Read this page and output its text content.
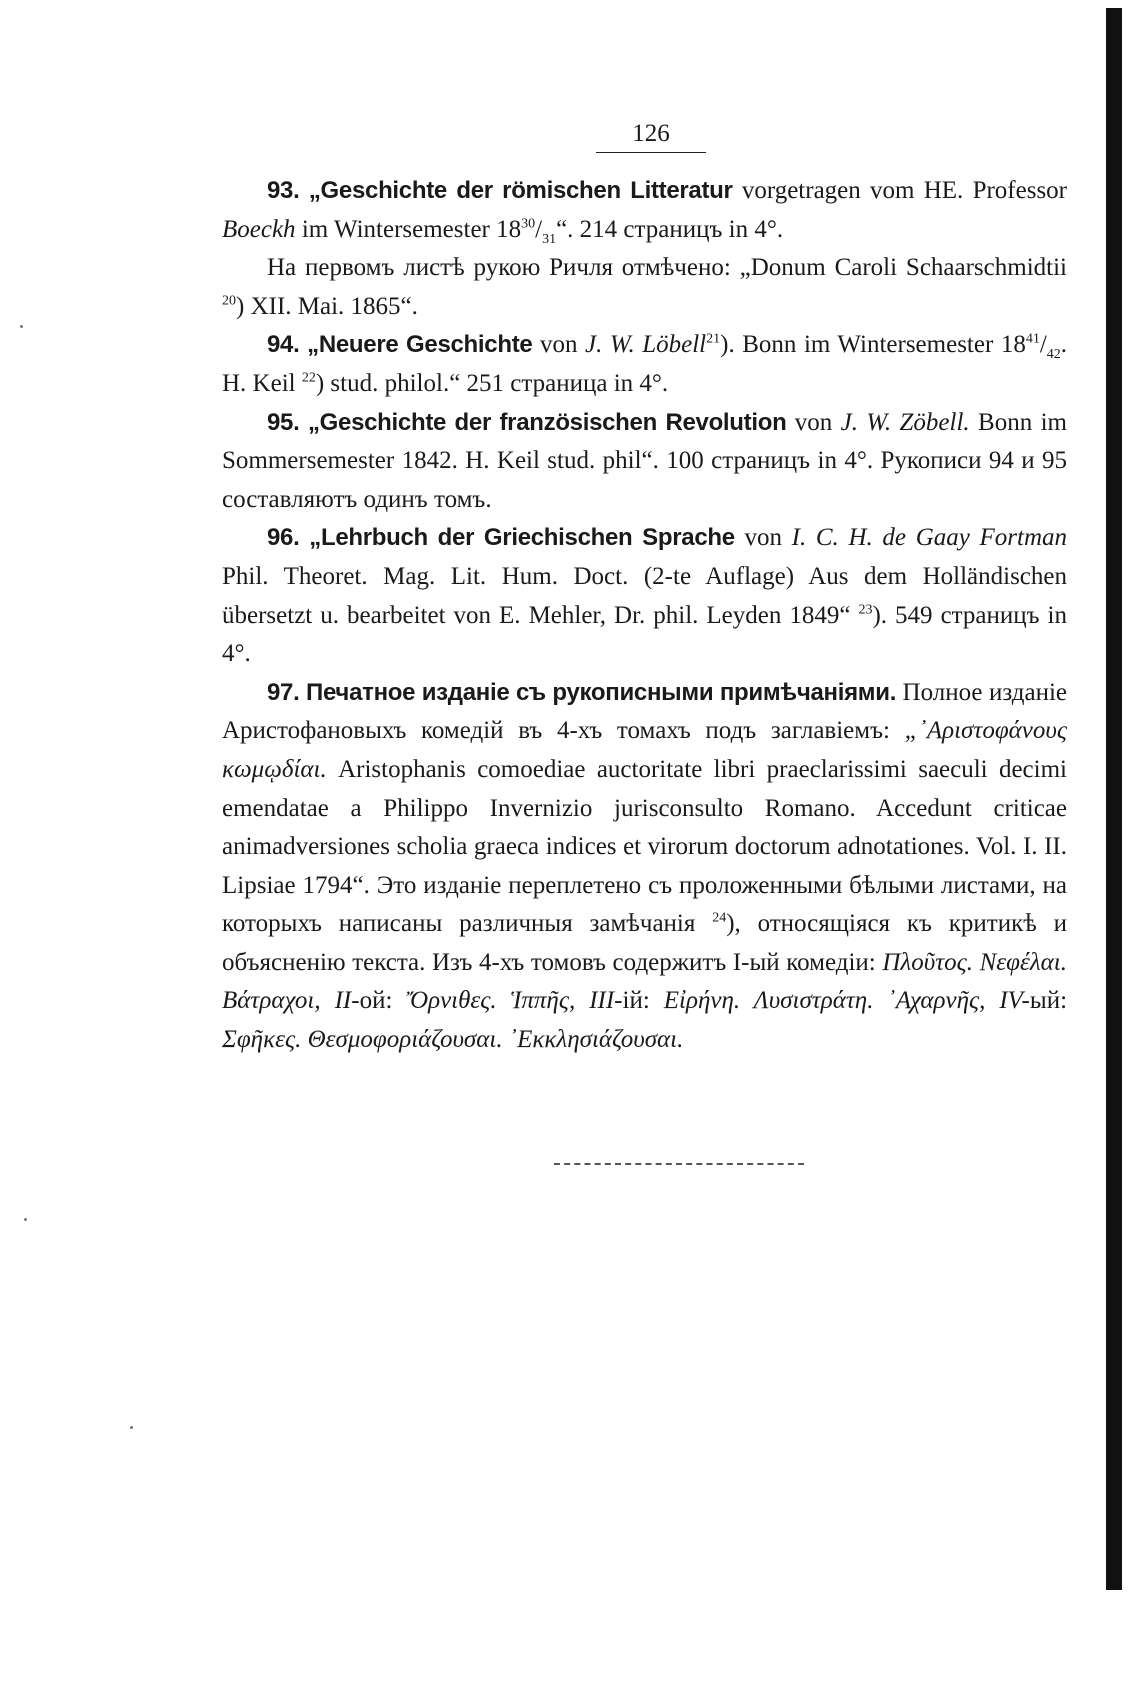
126

93. „Geschichte der römischen Litteratur vorgetragen vom HE. Professor Boeckh im Wintersemester $18^{30}/_{31}“$. 214 страницъ in 4°.

На первомъ листѣ рукою Ричля отмѣчено: „Donum Caroli Schaarschmidtii $^{20}$) XII. Mai. 1865“.

94. „Neuere Geschichte von J. W. Löbell$^{21}$). Bonn im Wintersemester $18^{41}/_{42}$. H. Keil $^{22}$) stud. philol.“ 251 страница in 4°.

95. „Geschichte der französischen Revolution von J. W. Zöbell. Bonn im Sommersemester 1842. H. Keil stud. phil“. 100 страницъ in 4°. Рукописи 94 и 95 составляютъ одинъ томъ.

96. „Lehrbuch der Griechischen Sprache von I. C. H. de Gaay Fortman Phil. Theoret. Mag. Lit. Hum. Doct. (2-te Auflage) Aus dem Holländischen übersetzt u. bearbeitet von E. Mehler, Dr. phil. Leyden 1849“ $^{23}$). 549 страницъ in 4°.

97. Печатное изданіе съ рукописными примѣчаніями. Полное изданіе Аристофановыхъ комедій въ 4-хъ томахъ подъ заглавіемъ: „᾿Αριστοφάνους κωμῳδίαι. Aristophanis comoediae auctoritate libri praeclarissimi saeculi decimi emendatae a Philippo Invernizio jurisconsulto Romano. Accedunt criticae animadversiones scholia graeca indices et virorum doctorum adnotationes. Vol. I. II. Lipsiae 1794“. Это изданіе переплетено съ проложенными бѣлыми листами, на которыхъ написаны различныя замѣчанія $^{24}$), относящіяся къ критикѣ и объясненію текста. Изъ 4-хъ томовъ содержитъ I-ый комедіи: Πλοῦτος. Νεφέλαι. Βάτραχοι, II-ой: Ὄρνιθες. Ἱππῆς, III-ій: Εἰρήνη. Λυσιστράτη. ᾿Αχαρνῆς, IV-ый: Σφῆκες. Θεσμοφοριάζουσαι. ᾿Εκκλησιάζουσαι.
